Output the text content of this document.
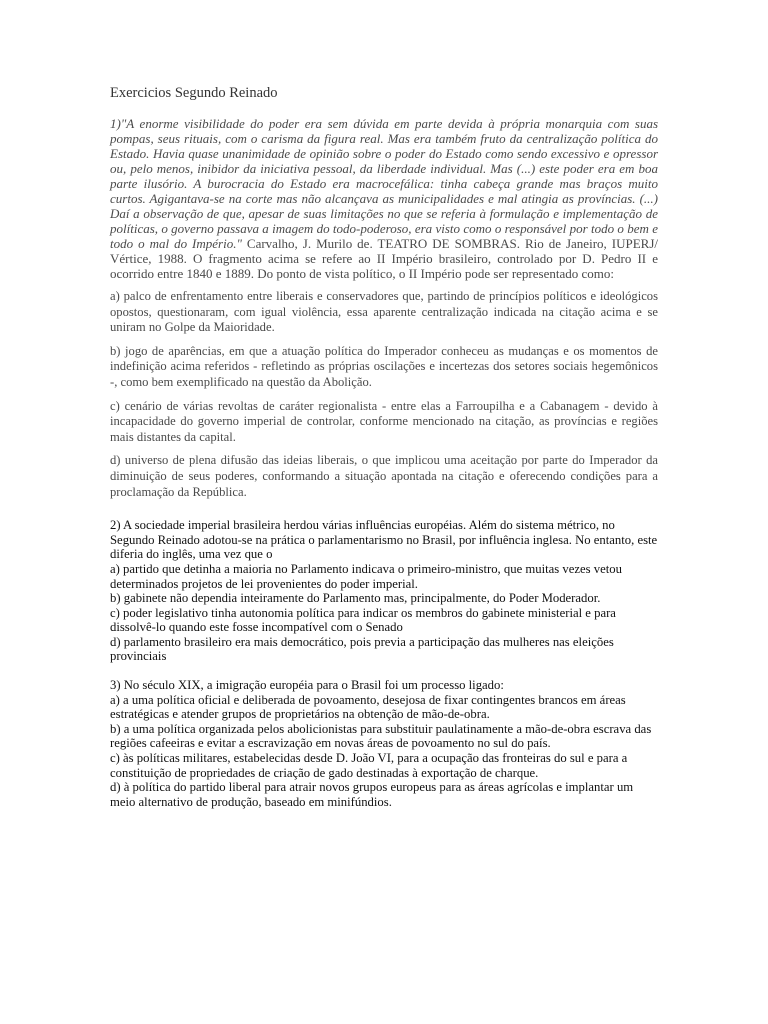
Exercicios Segundo Reinado

1)"A enorme visibilidade do poder era sem dúvida em parte devida à própria monarquia com suas pompas, seus rituais, com o carisma da figura real. Mas era também fruto da centralização política do Estado. Havia quase unanimidade de opinião sobre o poder do Estado como sendo excessivo e opressor ou, pelo menos, inibidor da iniciativa pessoal, da liberdade individual. Mas (...) este poder era em boa parte ilusório. A burocracia do Estado era macrocefálica: tinha cabeça grande mas braços muito curtos. Agigantava-se na corte mas não alcançava as municipalidades e mal atingia as províncias. (...) Daí a observação de que, apesar de suas limitações no que se referia à formulação e implementação de políticas, o governo passava a imagem do todo-poderoso, era visto como o responsável por todo o bem e todo o mal do Império." Carvalho, J. Murilo de. TEATRO DE SOMBRAS. Rio de Janeiro, IUPERJ/ Vértice, 1988. O fragmento acima se refere ao II Império brasileiro, controlado por D. Pedro II e ocorrido entre 1840 e 1889. Do ponto de vista político, o II Império pode ser representado como:

a) palco de enfrentamento entre liberais e conservadores que, partindo de princípios políticos e ideológicos opostos, questionaram, com igual violência, essa aparente centralização indicada na citação acima e se uniram no Golpe da Maioridade.

b) jogo de aparências, em que a atuação política do Imperador conheceu as mudanças e os momentos de indefinição acima referidos - refletindo as próprias oscilações e incertezas dos setores sociais hegemônicos -, como bem exemplificado na questão da Abolição.

c) cenário de várias revoltas de caráter regionalista - entre elas a Farroupilha e a Cabanagem - devido à incapacidade do governo imperial de controlar, conforme mencionado na citação, as províncias e regiões mais distantes da capital.

d) universo de plena difusão das ideias liberais, o que implicou uma aceitação por parte do Imperador da diminuição de seus poderes, conformando a situação apontada na citação e oferecendo condições para a proclamação da República.

2) A sociedade imperial brasileira herdou várias influências européias. Além do sistema métrico, no Segundo Reinado adotou-se na prática o parlamentarismo no Brasil, por influência inglesa. No entanto, este diferia do inglês, uma vez que o
a) partido que detinha a maioria no Parlamento indicava o primeiro-ministro, que muitas vezes vetou determinados projetos de lei provenientes do poder imperial.
b) gabinete não dependia inteiramente do Parlamento mas, principalmente, do Poder Moderador.
c) poder legislativo tinha autonomia política para indicar os membros do gabinete ministerial e para dissolvê-lo quando este fosse incompatível com o Senado
d) parlamento brasileiro era mais democrático, pois previa a participação das mulheres nas eleições provinciais
3) No século XIX, a imigração européia para o Brasil foi um processo ligado:
a) a uma política oficial e deliberada de povoamento, desejosa de fixar contingentes brancos em áreas estratégicas e atender grupos de proprietários na obtenção de mão-de-obra.
b) a uma política organizada pelos abolicionistas para substituir paulatinamente a mão-de-obra escrava das regiões cafeeiras e evitar a escravização em novas áreas de povoamento no sul do país.
c) às políticas militares, estabelecidas desde D. João VI, para a ocupação das fronteiras do sul e para a constituição de propriedades de criação de gado destinadas à exportação de charque.
d) à política do partido liberal para atrair novos grupos europeus para as áreas agrícolas e implantar um meio alternativo de produção, baseado em minifúndios.
